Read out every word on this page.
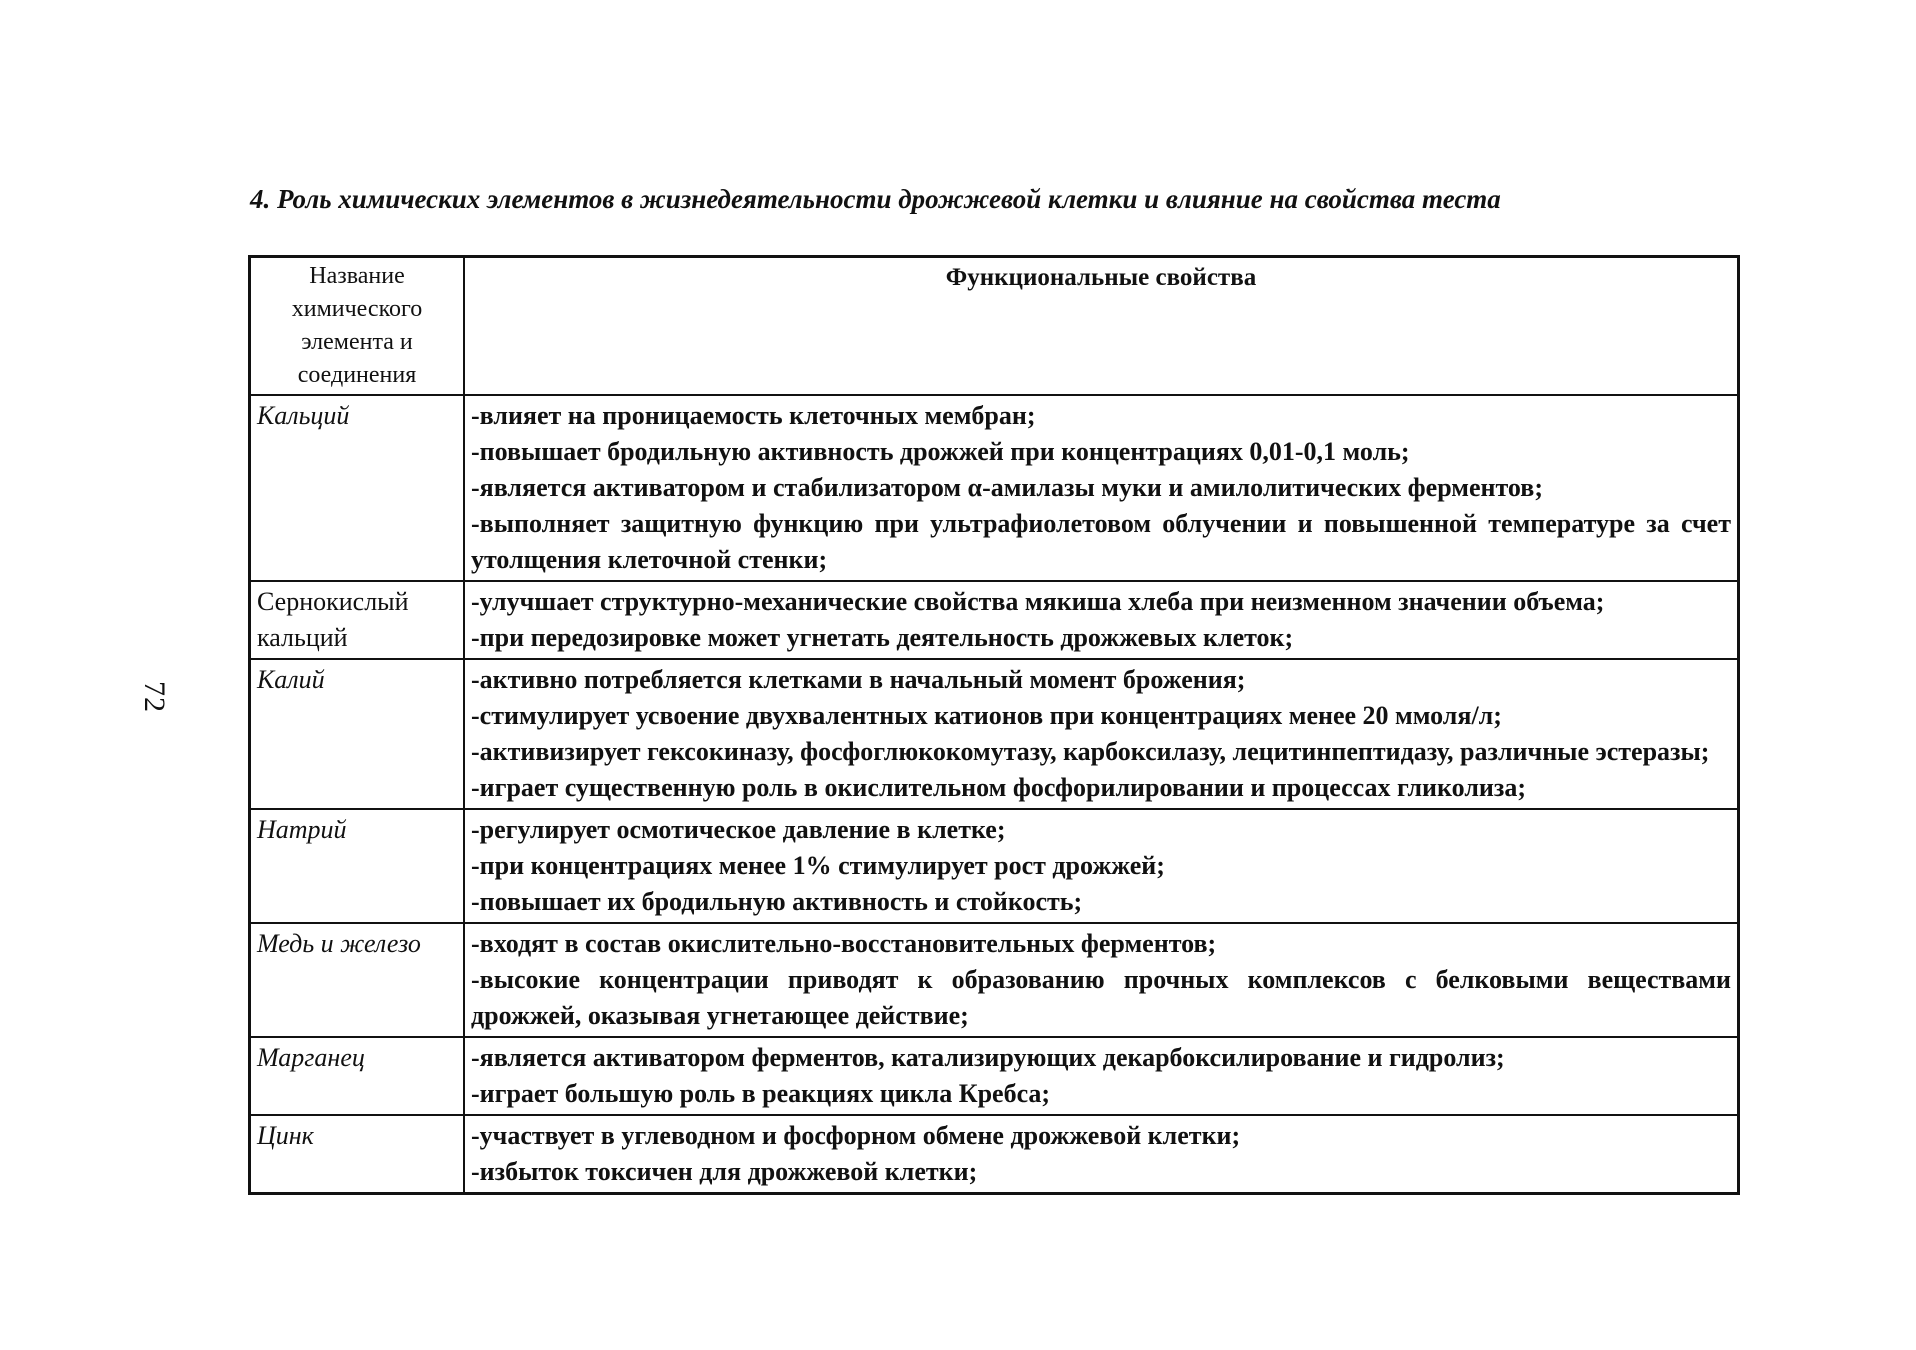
72
4. Роль химических элементов в жизнедеятельности дрожжевой клетки и влияние на свойства теста
Название химического элемента и соединения	Функциональные свойства
Кальций	-влияет на проницаемость клеточных мембран;
-повышает бродильную активность дрожжей при концентрациях 0,01-0,1 моль;
-является активатором и стабилизатором α-амилазы муки и амилолитических ферментов;
-выполняет защитную функцию при ультрафиолетовом облучении и повышенной температуре за счет утолщения клеточной стенки;

Сернокислый кальций	-улучшает структурно-механические свойства мякиша хлеба при неизменном значении объема;
-при передозировке может угнетать деятельность дрожжевых клеток;

Калий	-активно потребляется клетками в начальный момент брожения;
-стимулирует усвоение двухвалентных катионов при концентрациях менее 20 ммоля/л;
-активизирует гексокиназу, фосфоглюкокомутазу, карбоксилазу, лецитинпептидазу, различные эстеразы;
-играет существенную роль в окислительном фосфорилировании и процессах гликолиза;

Натрий	-регулирует осмотическое давление в клетке;
-при концентрациях менее 1% стимулирует рост дрожжей;
-повышает их бродильную активность и стойкость;

Медь и железо	-входят в состав окислительно-восстановительных ферментов;
-высокие концентрации приводят к образованию прочных комплексов с белковыми веществами дрожжей, оказывая угнетающее действие;

Марганец	-является активатором ферментов, катализирующих декарбоксилирование и гидролиз;
-играет большую роль в реакциях цикла Кребса;

Цинк	-участвует в углеводном и фосфорном обмене дрожжевой клетки;
-избыток токсичен для дрожжевой клетки;
